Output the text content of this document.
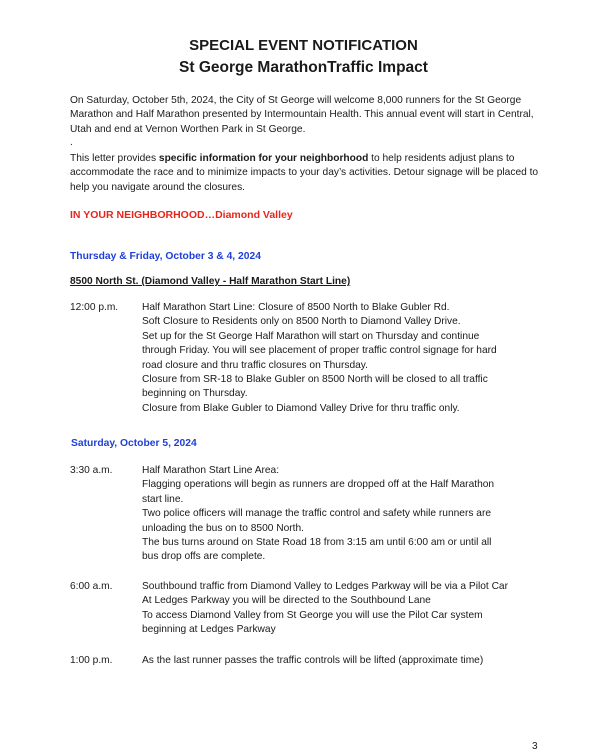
SPECIAL EVENT NOTIFICATION
St George MarathonTraffic Impact

On Saturday, October 5th, 2024, the City of St George will welcome 8,000 runners for the St George Marathon and Half Marathon presented by Intermountain Health. This annual event will start in Central, Utah and end at Vernon Worthen Park in St George.

.

This letter provides specific information for your neighborhood to help residents adjust plans to accommodate the race and to minimize impacts to your day’s activities. Detour signage will be placed to help you navigate around the closures.

IN YOUR NEIGHBORHOOD…Diamond Valley

Thursday & Friday, October 3 & 4, 2024

8500 North St. (Diamond Valley - Half Marathon Start Line)

12:00 p.m. Half Marathon Start Line: Closure of 8500 North to Blake Gubler Rd.
Soft Closure to Residents only on 8500 North to Diamond Valley Drive.
Set up for the St George Half Marathon will start on Thursday and continue
through Friday. You will see placement of proper traffic control signage for hard
road closure and thru traffic closures on Thursday.
Closure from SR-18 to Blake Gubler on 8500 North will be closed to all traffic
beginning on Thursday.
Closure from Blake Gubler to Diamond Valley Drive for thru traffic only.

Saturday, October 5, 2024

3:30 a.m.	Half Marathon Start Line Area:
Flagging operations will begin as runners are dropped off at the Half Marathon
start line.
Two police officers will manage the traffic control and safety while runners are
unloading the bus on to 8500 North.
The bus turns around on State Road 18 from 3:15 am until 6:00 am or until all
bus drop offs are complete.

6:00 a.m.	Southbound traffic from Diamond Valley to Ledges Parkway will be via a Pilot Car
At Ledges Parkway you will be directed to the Southbound Lane
To access Diamond Valley from St George you will use the Pilot Car system
beginning at Ledges Parkway

1:00 p.m.	As the last runner passes the traffic controls will be lifted (approximate time)

3
